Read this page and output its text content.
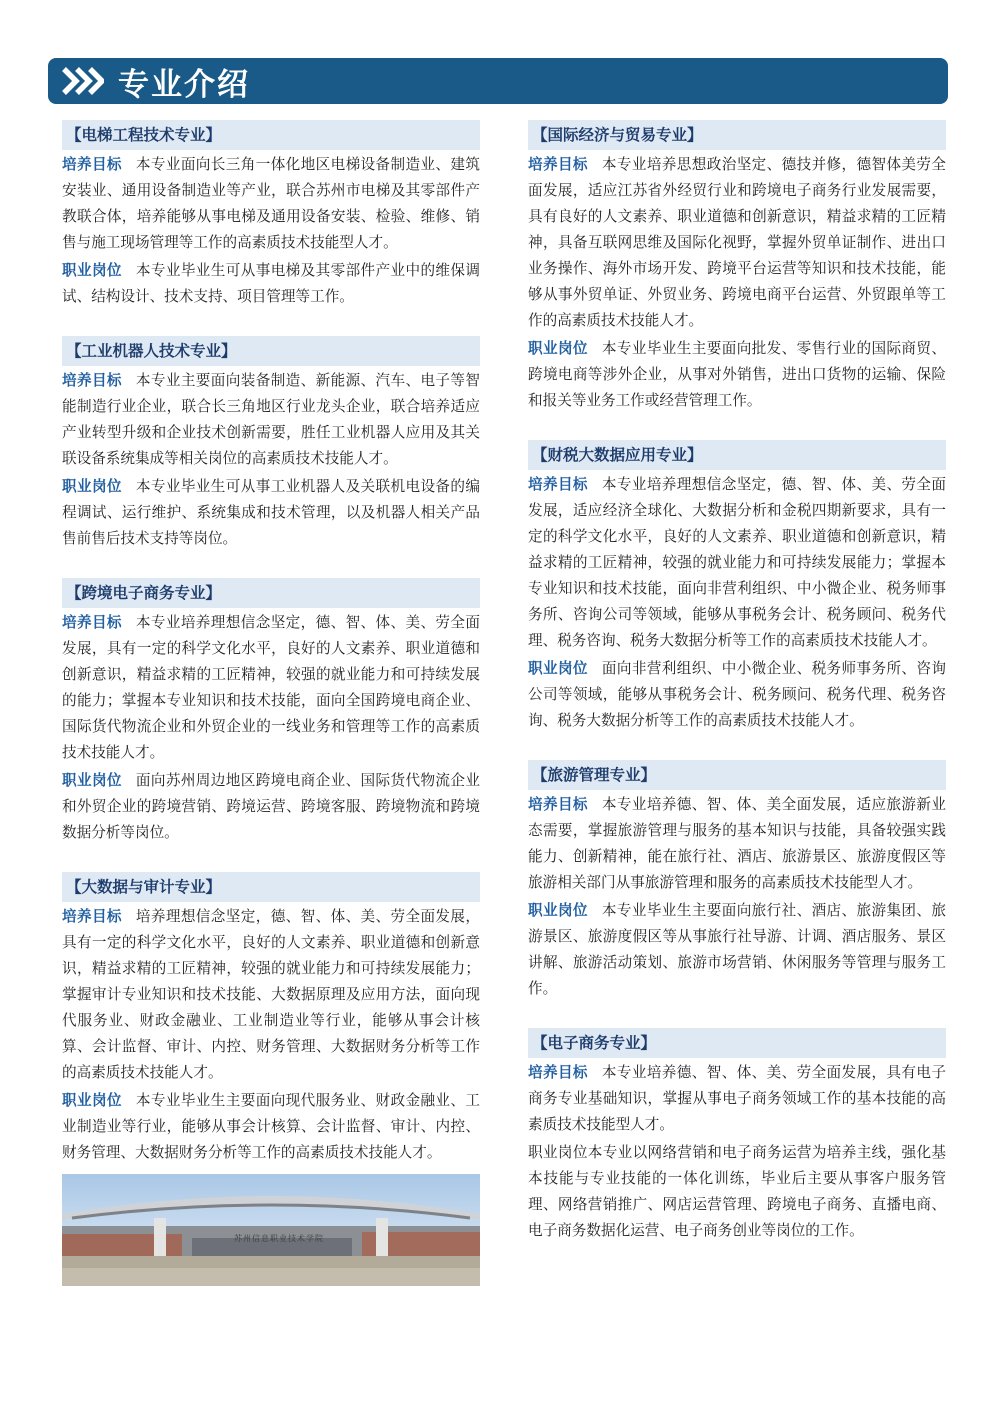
专业介绍
【电梯工程技术专业】

培养目标 本专业面向长三角一体化地区电梯设备制造业、建筑安装业、通用设备制造业等产业，联合苏州市电梯及其零部件产教联合体，培养能够从事电梯及通用设备安装、检验、维修、销售与施工现场管理等工作的高素质技术技能型人才。

职业岗位 本专业毕业生可从事电梯及其零部件产业中的维保调试、结构设计、技术支持、项目管理等工作。

【工业机器人技术专业】

培养目标 本专业主要面向装备制造、新能源、汽车、电子等智能制造行业企业，联合长三角地区行业龙头企业，联合培养适应产业转型升级和企业技术创新需要，胜任工业机器人应用及其关联设备系统集成等相关岗位的高素质技术技能人才。

职业岗位 本专业毕业生可从事工业机器人及关联机电设备的编程调试、运行维护、系统集成和技术管理，以及机器人相关产品售前售后技术支持等岗位。

【跨境电子商务专业】

培养目标 本专业培养理想信念坚定，德、智、体、美、劳全面发展，具有一定的科学文化水平，良好的人文素养、职业道德和创新意识，精益求精的工匠精神，较强的就业能力和可持续发展的能力；掌握本专业知识和技术技能，面向全国跨境电商企业、国际货代物流企业和外贸企业的一线业务和管理等工作的高素质技术技能人才。

职业岗位 面向苏州周边地区跨境电商企业、国际货代物流企业和外贸企业的跨境营销、跨境运营、跨境客服、跨境物流和跨境数据分析等岗位。

【大数据与审计专业】

培养目标 培养理想信念坚定，德、智、体、美、劳全面发展，具有一定的科学文化水平，良好的人文素养、职业道德和创新意识，精益求精的工匠精神，较强的就业能力和可持续发展能力；掌握审计专业知识和技术技能、大数据原理及应用方法，面向现代服务业、财政金融业、工业制造业等行业，能够从事会计核算、会计监督、审计、内控、财务管理、大数据财务分析等工作的高素质技术技能人才。

职业岗位 本专业毕业生主要面向现代服务业、财政金融业、工业制造业等行业，能够从事会计核算、会计监督、审计、内控、财务管理、大数据财务分析等工作的高素质技术技能人才。

苏州信息职业技术学院
【国际经济与贸易专业】

培养目标 本专业培养思想政治坚定、德技并修，德智体美劳全面发展，适应江苏省外经贸行业和跨境电子商务行业发展需要，具有良好的人文素养、职业道德和创新意识，精益求精的工匠精神，具备互联网思维及国际化视野，掌握外贸单证制作、进出口业务操作、海外市场开发、跨境平台运营等知识和技术技能，能够从事外贸单证、外贸业务、跨境电商平台运营、外贸跟单等工作的高素质技术技能人才。

职业岗位 本专业毕业生主要面向批发、零售行业的国际商贸、跨境电商等涉外企业，从事对外销售，进出口货物的运输、保险和报关等业务工作或经营管理工作。

【财税大数据应用专业】

培养目标 本专业培养理想信念坚定，德、智、体、美、劳全面发展，适应经济全球化、大数据分析和金税四期新要求，具有一定的科学文化水平，良好的人文素养、职业道德和创新意识，精益求精的工匠精神，较强的就业能力和可持续发展能力；掌握本专业知识和技术技能，面向非营利组织、中小微企业、税务师事务所、咨询公司等领域，能够从事税务会计、税务顾问、税务代理、税务咨询、税务大数据分析等工作的高素质技术技能人才。

职业岗位 面向非营利组织、中小微企业、税务师事务所、咨询公司等领域，能够从事税务会计、税务顾问、税务代理、税务咨询、税务大数据分析等工作的高素质技术技能人才。

【旅游管理专业】

培养目标 本专业培养德、智、体、美全面发展，适应旅游新业态需要，掌握旅游管理与服务的基本知识与技能，具备较强实践能力、创新精神，能在旅行社、酒店、旅游景区、旅游度假区等旅游相关部门从事旅游管理和服务的高素质技术技能型人才。

职业岗位 本专业毕业生主要面向旅行社、酒店、旅游集团、旅游景区、旅游度假区等从事旅行社导游、计调、酒店服务、景区讲解、旅游活动策划、旅游市场营销、休闲服务等管理与服务工作。

【电子商务专业】

培养目标 本专业培养德、智、体、美、劳全面发展，具有电子商务专业基础知识，掌握从事电子商务领域工作的基本技能的高素质技术技能型人才。

职业岗位本专业以网络营销和电子商务运营为培养主线，强化基本技能与专业技能的一体化训练，毕业后主要从事客户服务管理、网络营销推广、网店运营管理、跨境电子商务、直播电商、电子商务数据化运营、电子商务创业等岗位的工作。
